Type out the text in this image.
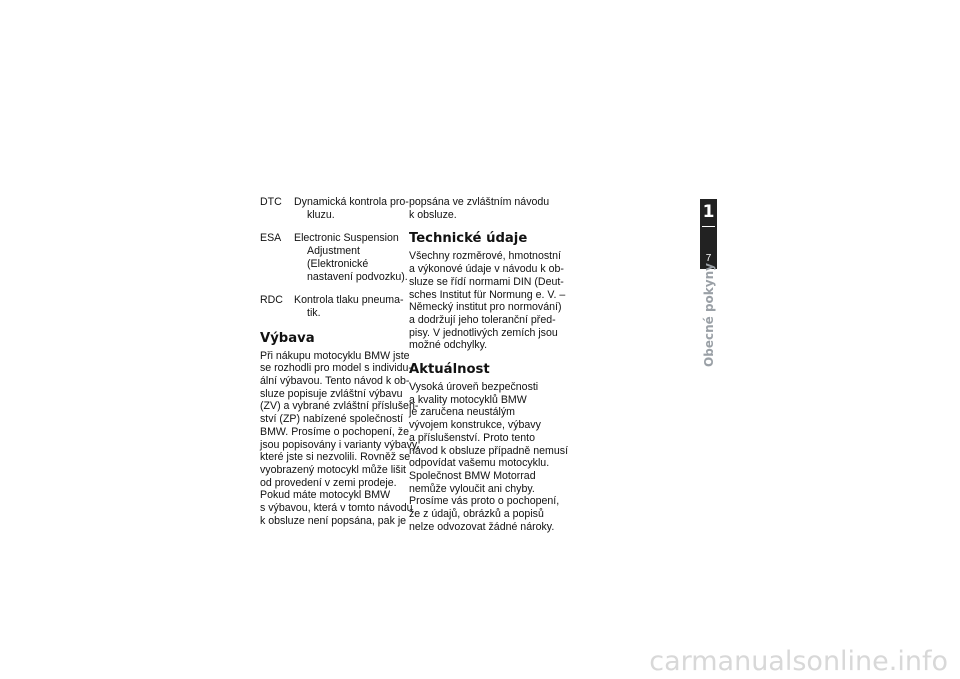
DTC	Dynamická kontrola pro-
kluzu.
ESA	Electronic Suspension
Adjustment (Elektronické
nastavení podvozku).
RDC	Kontrola tlaku pneuma-
tik.
Výbava
Při nákupu motocyklu BMW jste
se rozhodli pro model s individu-
ální výbavou. Tento návod k ob-
sluze popisuje zvláštní výbavu
(ZV) a vybrané zvláštní příslušen-
ství (ZP) nabízené společností
BMW. Prosíme o pochopení, že
jsou popisovány i varianty výbavy,
které jste si nezvolili. Rovněž se
vyobrazený motocykl může lišit
od provedení v zemi prodeje.
Pokud máte motocykl BMW
s výbavou, která v tomto návodu
k obsluze není popsána, pak je
popsána ve zvláštním návodu
k obsluze.
Technické údaje
Všechny rozměrové, hmotnostní
a výkonové údaje v návodu k ob-
sluze se řídí normami DIN (Deut-
sches Institut für Normung e. V. –
Německý institut pro normování)
a dodržují jeho toleranční před-
pisy. V jednotlivých zemích jsou
možné odchylky.
Aktuálnost
Vysoká úroveň bezpečnosti
a kvality motocyklů BMW
je zaručena neustálým
vývojem konstrukce, výbavy
a příslušenství. Proto tento
návod k obsluze případně nemusí
odpovídat vašemu motocyklu.
Společnost BMW Motorrad
nemůže vyloučit ani chyby.
Prosíme vás proto o pochopení,
že z údajů, obrázků a popisů
nelze odvozovat žádné nároky.
1
7
Obecné pokyny
carmanualsonline.info
